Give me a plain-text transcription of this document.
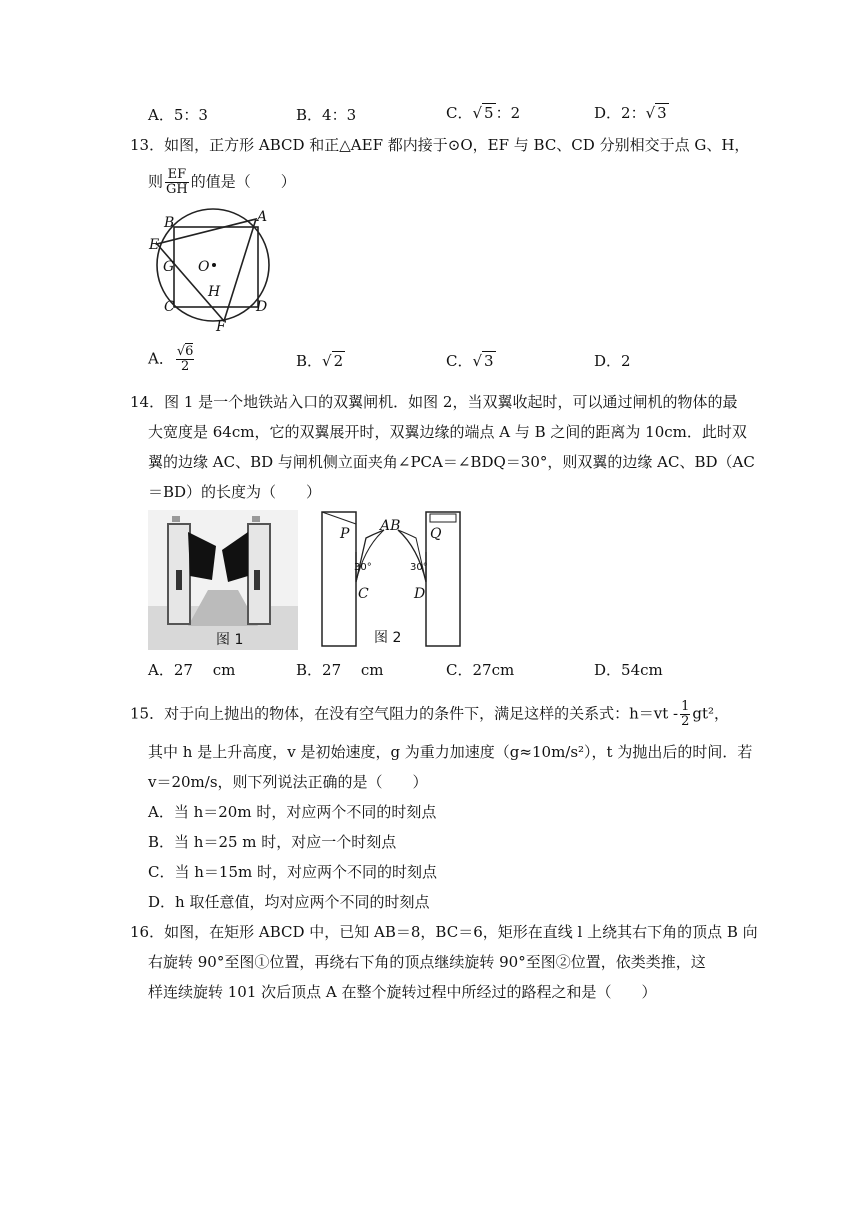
A．5：3	B．4：3	C．√ 5 ：2	D．2：√ 3
13．如图，正方形 ABCD 和正△AEF 都内接于⊙O，EF 与 BC、CD 分别相交于点 G、H，
则 $\frac{EF}{GH}$ 的值是（　　）
B	A
E
G O
H
C	D
F
A． $\frac{√6}{2}$	B．√ 2	C．√ 3	D．2
14．图 1 是一个地铁站入口的双翼闸机．如图 2，当双翼收起时，可以通过闸机的物体的最
大宽度是 64cm，它的双翼展开时，双翼边缘的端点 A 与 B 之间的距离为 10cm．此时双
翼的边缘 AC、BD 与闸机侧立面夹角∠PCA＝∠BDQ＝30°，则双翼的边缘 AC、BD（AC
＝BD）的长度为（　　）
图 1
AB
P	Q
C	D
30°	30°
图 2
A．27　 cm	B．27　 cm	C．27cm	D．54cm
15．对于向上抛出的物体，在没有空气阻力的条件下，满足这样的关系式：$h=vt - \frac{1}{2} gt^2$，
其中 h 是上升高度，v 是初始速度，g 为重力加速度（g≈10m/s²），t 为抛出后的时间．若
v＝20m/s，则下列说法正确的是（　　）
A．当 h＝20m 时，对应两个不同的时刻点
B．当 h＝25 m 时，对应一个时刻点
C．当 h＝15m 时，对应两个不同的时刻点
D．h 取任意值，均对应两个不同的时刻点
16．如图，在矩形 ABCD 中，已知 AB＝8，BC＝6，矩形在直线 l 上绕其右下角的顶点 B 向
右旋转 90°至图①位置，再绕右下角的顶点继续旋转 90°至图②位置，依类类推，这
样连续旋转 101 次后顶点 A 在整个旋转过程中所经过的路程之和是（　　）
